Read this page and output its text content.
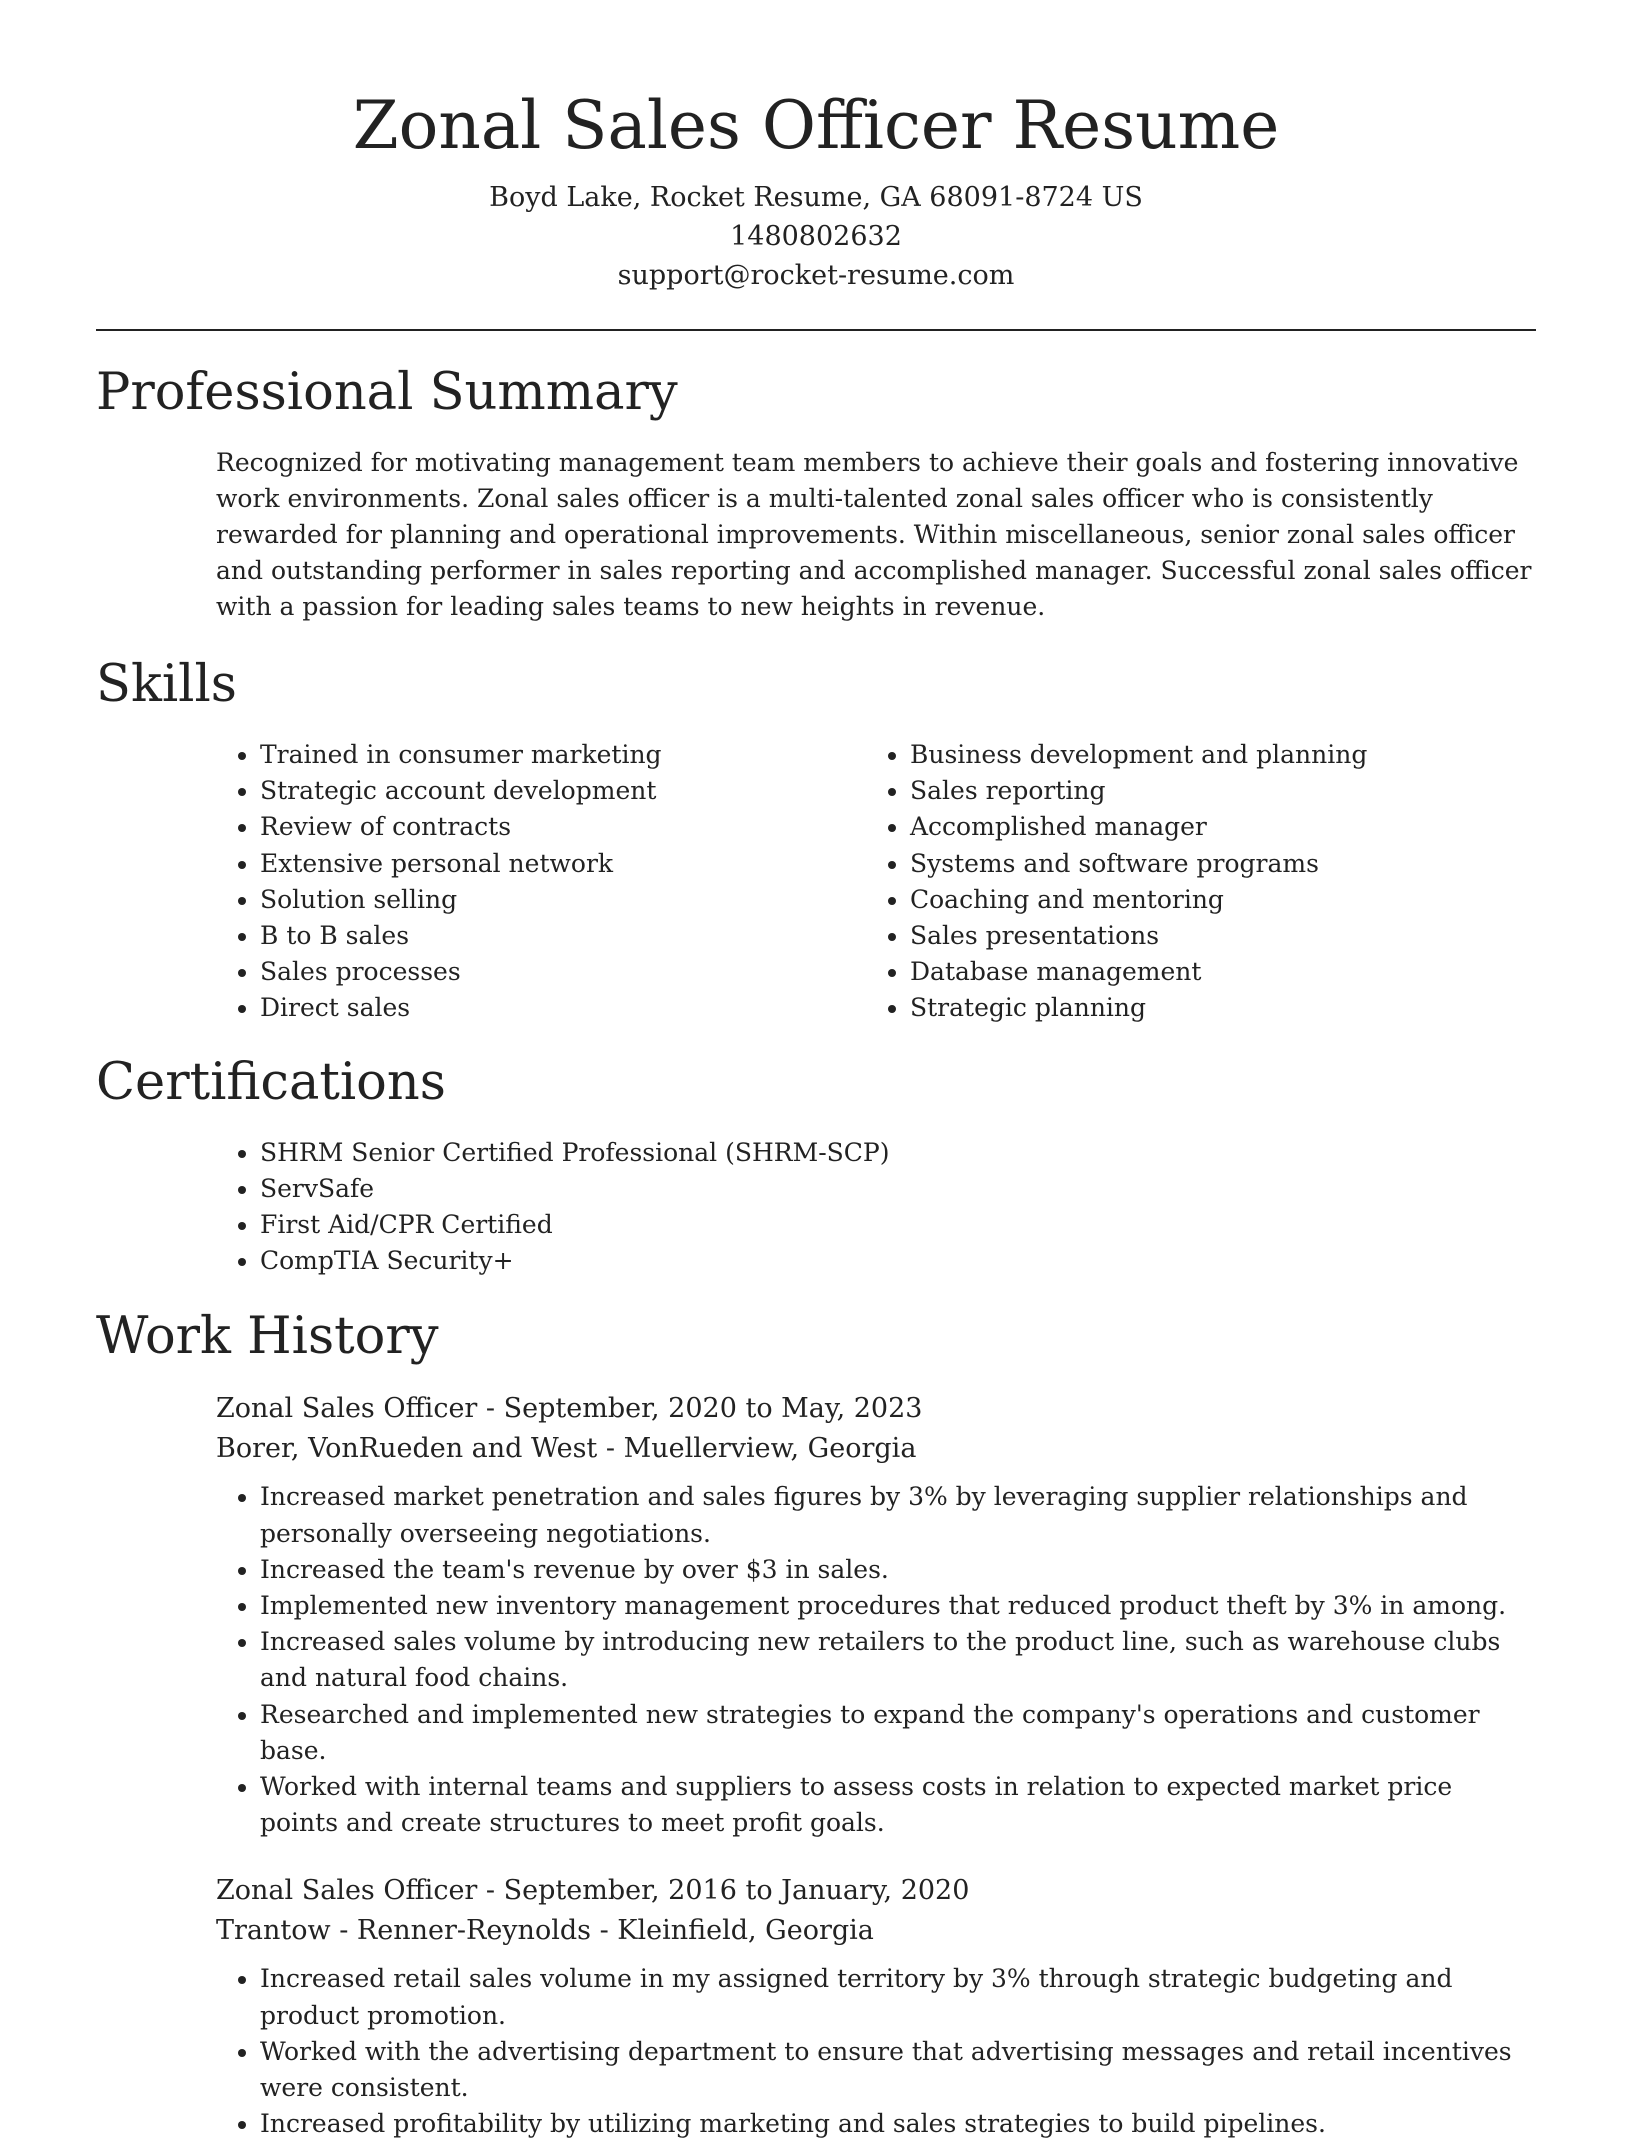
Zonal Sales Officer Resume
Boyd Lake, Rocket Resume, GA 68091-8724 US
1480802632
support@rocket-resume.com
Professional Summary

Recognized for motivating management team members to achieve their goals and fostering innovative work environments. Zonal sales officer is a multi-talented zonal sales officer who is consistently rewarded for planning and operational improvements. Within miscellaneous, senior zonal sales officer and outstanding performer in sales reporting and accomplished manager. Successful zonal sales officer with a passion for leading sales teams to new heights in revenue.

Skills
• Trained in consumer marketing
• Strategic account development
• Review of contracts
• Extensive personal network
• Solution selling
• B to B sales
• Sales processes
• Direct sales
• Business development and planning
• Sales reporting
• Accomplished manager
• Systems and software programs
• Coaching and mentoring
• Sales presentations
• Database management
• Strategic planning
Certifications
• SHRM Senior Certified Professional (SHRM-SCP)
• ServSafe
• First Aid/CPR Certified
• CompTIA Security+
Work History
Zonal Sales Officer - September, 2020 to May, 2023
Borer, VonRueden and West - Muellerview, Georgia
• Increased market penetration and sales figures by 3% by leveraging supplier relationships and personally overseeing negotiations.
• Increased the team's revenue by over $3 in sales.
• Implemented new inventory management procedures that reduced product theft by 3% in among.
• Increased sales volume by introducing new retailers to the product line, such as warehouse clubs and natural food chains.
• Researched and implemented new strategies to expand the company's operations and customer base.
• Worked with internal teams and suppliers to assess costs in relation to expected market price points and create structures to meet profit goals.
Zonal Sales Officer - September, 2016 to January, 2020
Trantow - Renner-Reynolds - Kleinfield, Georgia
• Increased retail sales volume in my assigned territory by 3% through strategic budgeting and product promotion.
• Worked with the advertising department to ensure that advertising messages and retail incentives were consistent.
• Increased profitability by utilizing marketing and sales strategies to build pipelines.
